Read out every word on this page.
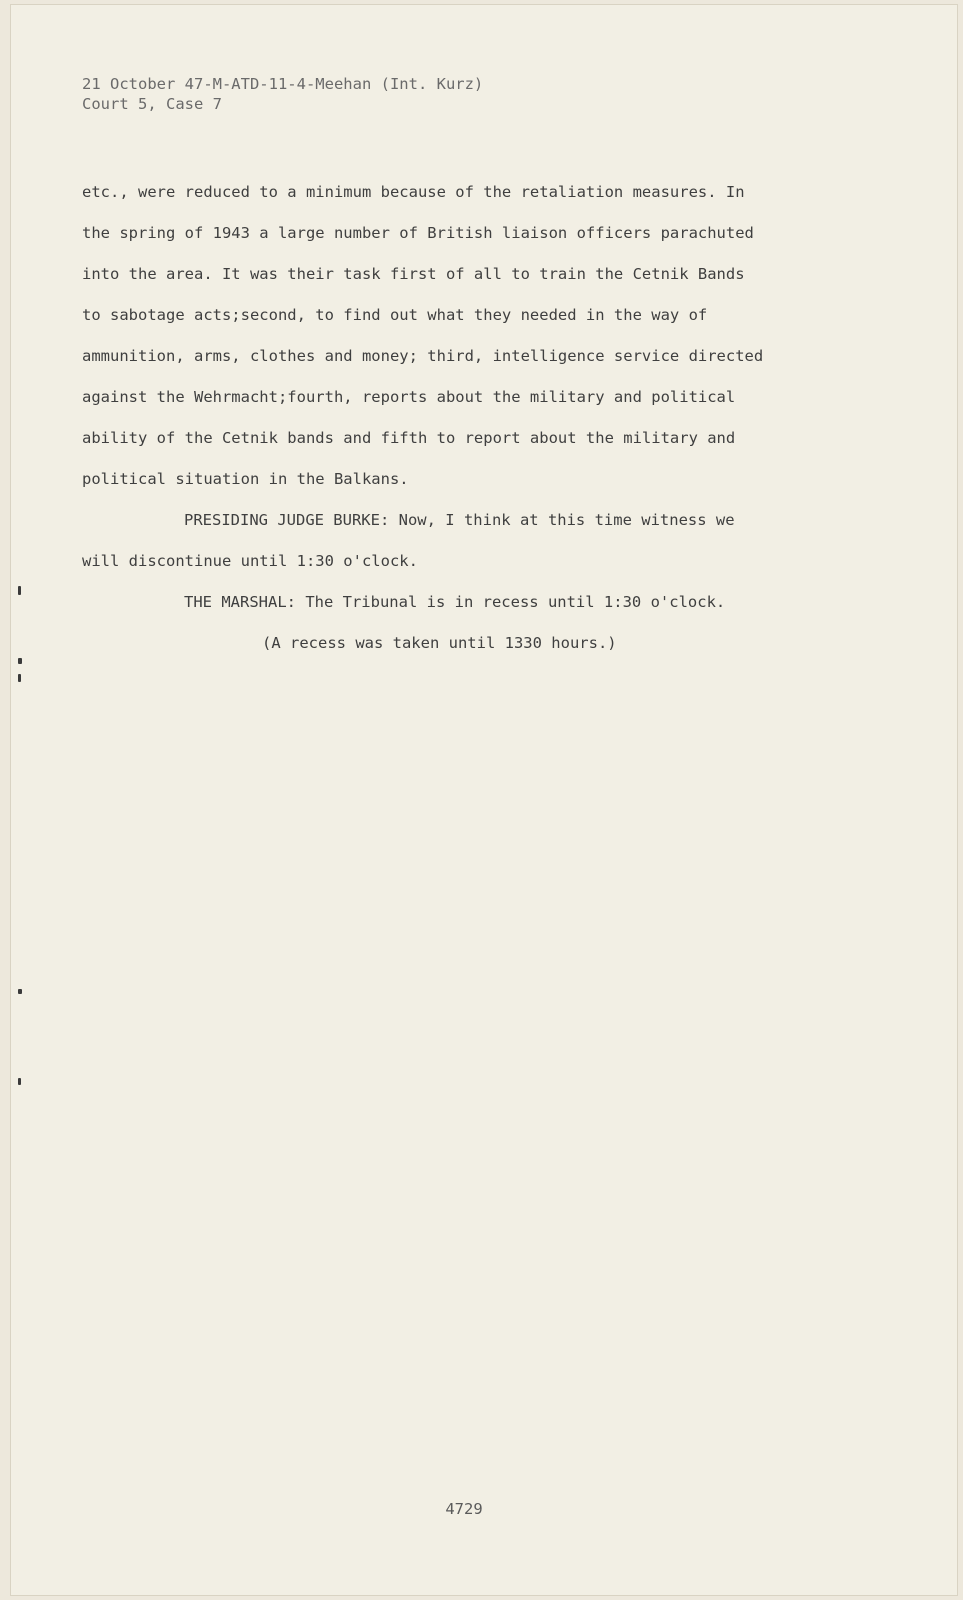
21 October 47-M-ATD-11-4-Meehan (Int. Kurz)
Court 5, Case 7
etc., were reduced to a minimum because of the retaliation measures. In
the spring of 1943 a large number of British liaison officers parachuted
into the area. It was their task first of all to train the Cetnik Bands
to sabotage acts;second, to find out what they needed in the way of
ammunition, arms, clothes and money; third, intelligence service directed
against the Wehrmacht;fourth, reports about the military and political
ability of the Cetnik bands and fifth to report about the military and
political situation in the Balkans.
PRESIDING JUDGE BURKE: Now, I think at this time witness we
will discontinue until 1:30 o'clock.
THE MARSHAL: The Tribunal is in recess until 1:30 o'clock.
(A recess was taken until 1330 hours.)
4729
